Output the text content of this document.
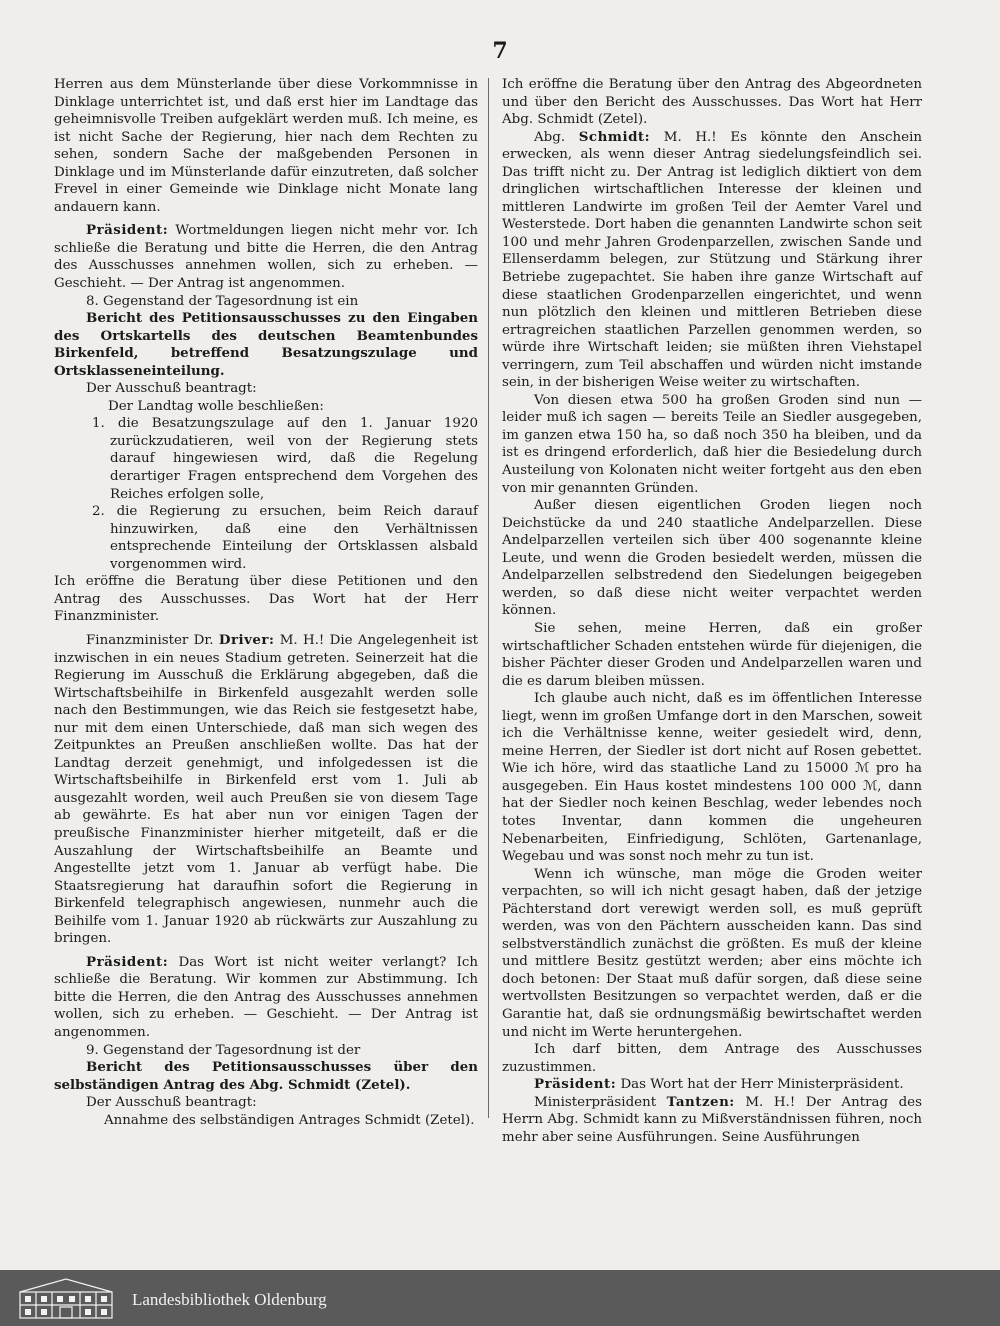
7

Herren aus dem Münsterlande über diese Vorkommnisse in Dinklage unterrichtet ist, und daß erst hier im Landtage das geheimnisvolle Treiben aufgeklärt werden muß. Ich meine, es ist nicht Sache der Regierung, hier nach dem Rechten zu sehen, sondern Sache der maßgebenden Personen in Dinklage und im Münsterlande dafür einzutreten, daß solcher Frevel in einer Gemeinde wie Dinklage nicht Monate lang andauern kann.

Präsident: Wortmeldungen liegen nicht mehr vor. Ich schließe die Beratung und bitte die Herren, die den Antrag des Ausschusses annehmen wollen, sich zu erheben. — Geschieht. — Der Antrag ist angenommen.

8. Gegenstand der Tagesordnung ist ein

Bericht des Petitionsausschusses zu den Eingaben des Ortskartells des deutschen Beamtenbundes Birkenfeld, betreffend Besatzungszulage und Ortsklasseneinteilung.

Der Ausschuß beantragt:

Der Landtag wolle beschließen:

1. die Besatzungszulage auf den 1. Januar 1920 zurückzudatieren, weil von der Regierung stets darauf hingewiesen wird, daß die Regelung derartiger Fragen entsprechend dem Vorgehen des Reiches erfolgen solle,

2. die Regierung zu ersuchen, beim Reich darauf hinzuwirken, daß eine den Verhältnissen entsprechende Einteilung der Ortsklassen alsbald vorgenommen wird.

Ich eröffne die Beratung über diese Petitionen und den Antrag des Ausschusses. Das Wort hat der Herr Finanzminister.

Finanzminister Dr. Driver: M. H.! Die Angelegenheit ist inzwischen in ein neues Stadium getreten. Seinerzeit hat die Regierung im Ausschuß die Erklärung abgegeben, daß die Wirtschaftsbeihilfe in Birkenfeld ausgezahlt werden solle nach den Bestimmungen, wie das Reich sie festgesetzt habe, nur mit dem einen Unterschiede, daß man sich wegen des Zeitpunktes an Preußen anschließen wollte. Das hat der Landtag derzeit genehmigt, und infolgedessen ist die Wirtschaftsbeihilfe in Birkenfeld erst vom 1. Juli ab ausgezahlt worden, weil auch Preußen sie von diesem Tage ab gewährte. Es hat aber nun vor einigen Tagen der preußische Finanzminister hierher mitgeteilt, daß er die Auszahlung der Wirtschaftsbeihilfe an Beamte und Angestellte jetzt vom 1. Januar ab verfügt habe. Die Staatsregierung hat daraufhin sofort die Regierung in Birkenfeld telegraphisch angewiesen, nunmehr auch die Beihilfe vom 1. Januar 1920 ab rückwärts zur Auszahlung zu bringen.

Präsident: Das Wort ist nicht weiter verlangt? Ich schließe die Beratung. Wir kommen zur Abstimmung. Ich bitte die Herren, die den Antrag des Ausschusses annehmen wollen, sich zu erheben. — Geschieht. — Der Antrag ist angenommen.

9. Gegenstand der Tagesordnung ist der

Bericht des Petitionsausschusses über den selbständigen Antrag des Abg. Schmidt (Zetel).

Der Ausschuß beantragt:

Annahme des selbständigen Antrages Schmidt (Zetel).

Ich eröffne die Beratung über den Antrag des Abgeordneten und über den Bericht des Ausschusses. Das Wort hat Herr Abg. Schmidt (Zetel).

Abg. Schmidt: M. H.! Es könnte den Anschein erwecken, als wenn dieser Antrag siedelungsfeindlich sei. Das trifft nicht zu. Der Antrag ist lediglich diktiert von dem dringlichen wirtschaftlichen Interesse der kleinen und mittleren Landwirte im großen Teil der Aemter Varel und Westerstede. Dort haben die genannten Landwirte schon seit 100 und mehr Jahren Grodenparzellen, zwischen Sande und Ellenserdamm belegen, zur Stützung und Stärkung ihrer Betriebe zugepachtet. Sie haben ihre ganze Wirtschaft auf diese staatlichen Grodenparzellen eingerichtet, und wenn nun plötzlich den kleinen und mittleren Betrieben diese ertragreichen staatlichen Parzellen genommen werden, so würde ihre Wirtschaft leiden; sie müßten ihren Viehstapel verringern, zum Teil abschaffen und würden nicht imstande sein, in der bisherigen Weise weiter zu wirtschaften.

Von diesen etwa 500 ha großen Groden sind nun — leider muß ich sagen — bereits Teile an Siedler ausgegeben, im ganzen etwa 150 ha, so daß noch 350 ha bleiben, und da ist es dringend erforderlich, daß hier die Besiedelung durch Austeilung von Kolonaten nicht weiter fortgeht aus den eben von mir genannten Gründen.

Außer diesen eigentlichen Groden liegen noch Deichstücke da und 240 staatliche Andelparzellen. Diese Andelparzellen verteilen sich über 400 sogenannte kleine Leute, und wenn die Groden besiedelt werden, müssen die Andelparzellen selbstredend den Siedelungen beigegeben werden, so daß diese nicht weiter verpachtet werden können.

Sie sehen, meine Herren, daß ein großer wirtschaftlicher Schaden entstehen würde für diejenigen, die bisher Pächter dieser Groden und Andelparzellen waren und die es darum bleiben müssen.

Ich glaube auch nicht, daß es im öffentlichen Interesse liegt, wenn im großen Umfange dort in den Marschen, soweit ich die Verhältnisse kenne, weiter gesiedelt wird, denn, meine Herren, der Siedler ist dort nicht auf Rosen gebettet. Wie ich höre, wird das staatliche Land zu 15000 ℳ pro ha ausgegeben. Ein Haus kostet mindestens 100 000 ℳ, dann hat der Siedler noch keinen Beschlag, weder lebendes noch totes Inventar, dann kommen die ungeheuren Nebenarbeiten, Einfriedigung, Schlöten, Gartenanlage, Wegebau und was sonst noch mehr zu tun ist.

Wenn ich wünsche, man möge die Groden weiter verpachten, so will ich nicht gesagt haben, daß der jetzige Pächterstand dort verewigt werden soll, es muß geprüft werden, was von den Pächtern ausscheiden kann. Das sind selbstverständlich zunächst die größten. Es muß der kleine und mittlere Besitz gestützt werden; aber eins möchte ich doch betonen: Der Staat muß dafür sorgen, daß diese seine wertvollsten Besitzungen so verpachtet werden, daß er die Garantie hat, daß sie ordnungsmäßig bewirtschaftet werden und nicht im Werte heruntergehen.

Ich darf bitten, dem Antrage des Ausschusses zuzustimmen.

Präsident: Das Wort hat der Herr Ministerpräsident.

Ministerpräsident Tantzen: M. H.! Der Antrag des Herrn Abg. Schmidt kann zu Mißverständnissen führen, noch mehr aber seine Ausführungen. Seine Ausführungen

Landesbibliothek Oldenburg
